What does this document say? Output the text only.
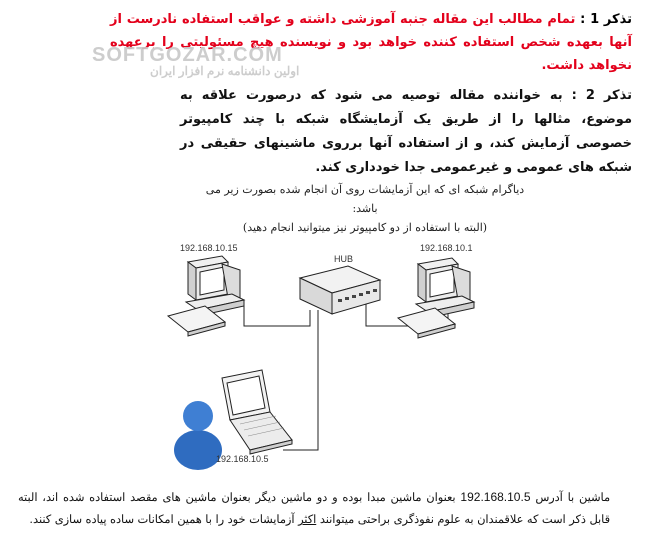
تذکر 1 : تمام مطالب این مقاله جنبه آموزشی داشته و عواقب استفاده نادرست از آنها بعهده شخص استفاده کننده خواهد بود و نویسنده هیچ مسئولیتی را برعهده نخواهد داشت.
SOFTGOZAR.COM
اولین دانشنامه نرم افزار ایران
تذکر 2 : به خواننده مقاله توصیه می شود که درصورت علاقه به موضوع، مثالها را از طریق یک آزمایشگاه شبکه با چند کامپیوتر خصوصی آزمایش کند، و از استفاده آنها برروی ماشینهای حقیقی در شبکه های عمومی و غیرعمومی جدا خودداری کند.
دیاگرام شبکه ای که این آزمایشات روی آن انجام شده بصورت زیر می باشد:
(البته با استفاده از دو کامپیوتر نیز میتوانید انجام دهید)
HUB
192.168.10.15	192.168.10.1
192.168.10.5
ماشین با آدرس 192.168.10.5 بعنوان ماشین مبدا بوده و دو ماشین دیگر بعنوان ماشین های مقصد استفاده شده اند، البته قابل ذکر است که علاقمندان به علوم نفوذگری براحتی میتوانند اکثر آزمایشات خود را با همین امکانات ساده پیاده سازی کنند.
